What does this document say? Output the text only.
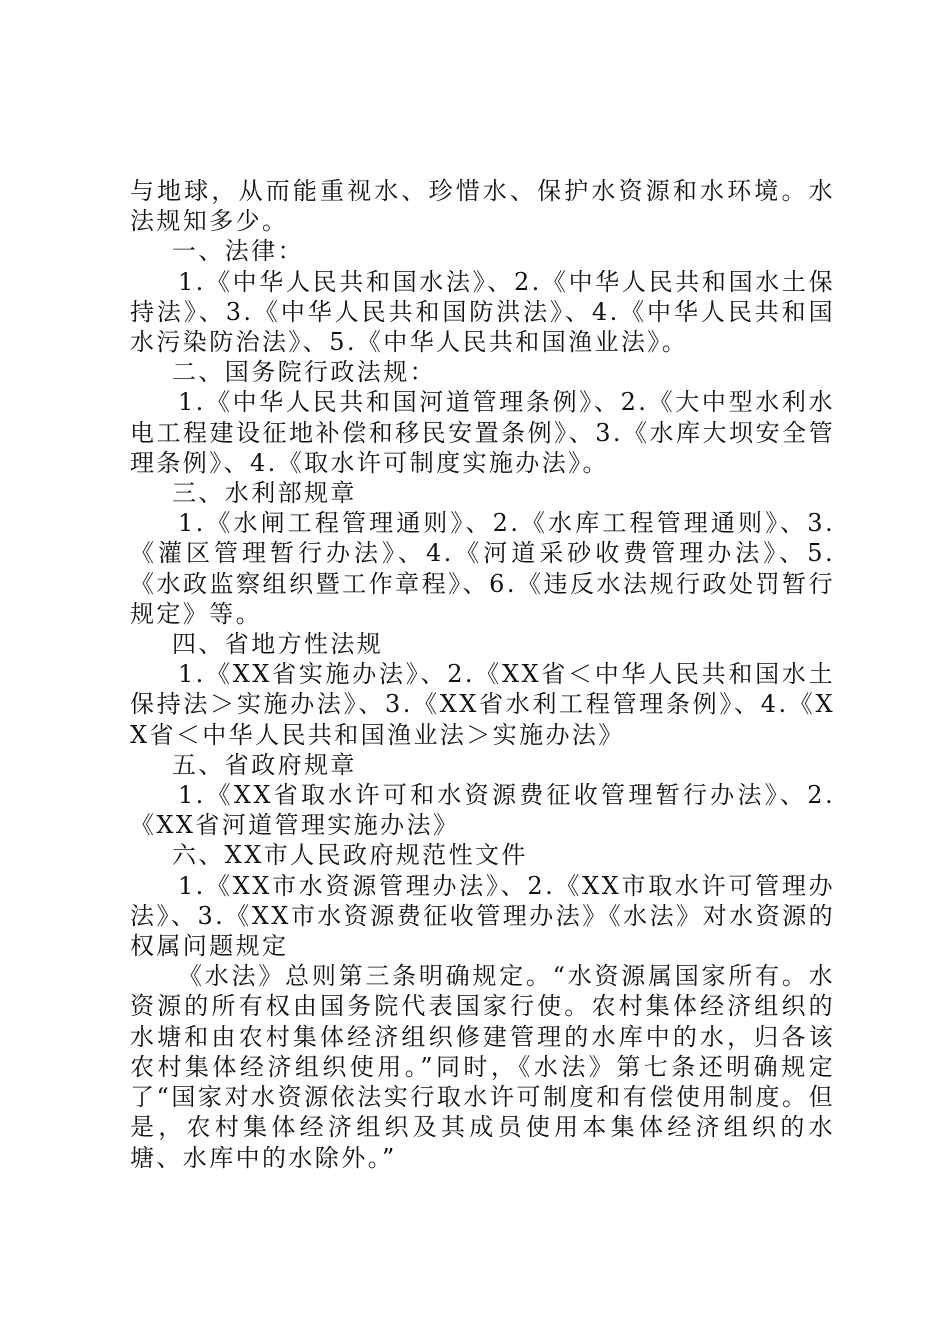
与地球，从而能重视水、珍惜水、保护水资源和水环境。水法规知多少。

一、法律：

1.《中华人民共和国水法》、2.《中华人民共和国水土保持法》、3.《中华人民共和国防洪法》、4.《中华人民共和国水污染防治法》、5.《中华人民共和国渔业法》。

二、国务院行政法规：

1.《中华人民共和国河道管理条例》、2.《大中型水利水电工程建设征地补偿和移民安置条例》、3.《水库大坝安全管理条例》、4.《取水许可制度实施办法》。

三、水利部规章

1.《水闸工程管理通则》、2.《水库工程管理通则》、3.《灌区管理暂行办法》、4.《河道采砂收费管理办法》、5.《水政监察组织暨工作章程》、6.《违反水法规行政处罚暂行规定》等。

四、省地方性法规

1.《XX省实施办法》、2.《XX省＜中华人民共和国水土保持法＞实施办法》、3.《XX省水利工程管理条例》、4.《XX省＜中华人民共和国渔业法＞实施办法》

五、省政府规章

1.《XX省取水许可和水资源费征收管理暂行办法》、2.《XX省河道管理实施办法》

六、XX市人民政府规范性文件

1.《XX市水资源管理办法》、2.《XX市取水许可管理办法》、3.《XX市水资源费征收管理办法》《水法》对水资源的权属问题规定

《水法》总则第三条明确规定。“水资源属国家所有。水资源的所有权由国务院代表国家行使。农村集体经济组织的水塘和由农村集体经济组织修建管理的水库中的水，归各该农村集体经济组织使用。”同时，《水法》第七条还明确规定了“国家对水资源依法实行取水许可制度和有偿使用制度。但是，农村集体经济组织及其成员使用本集体经济组织的水塘、水库中的水除外。”
